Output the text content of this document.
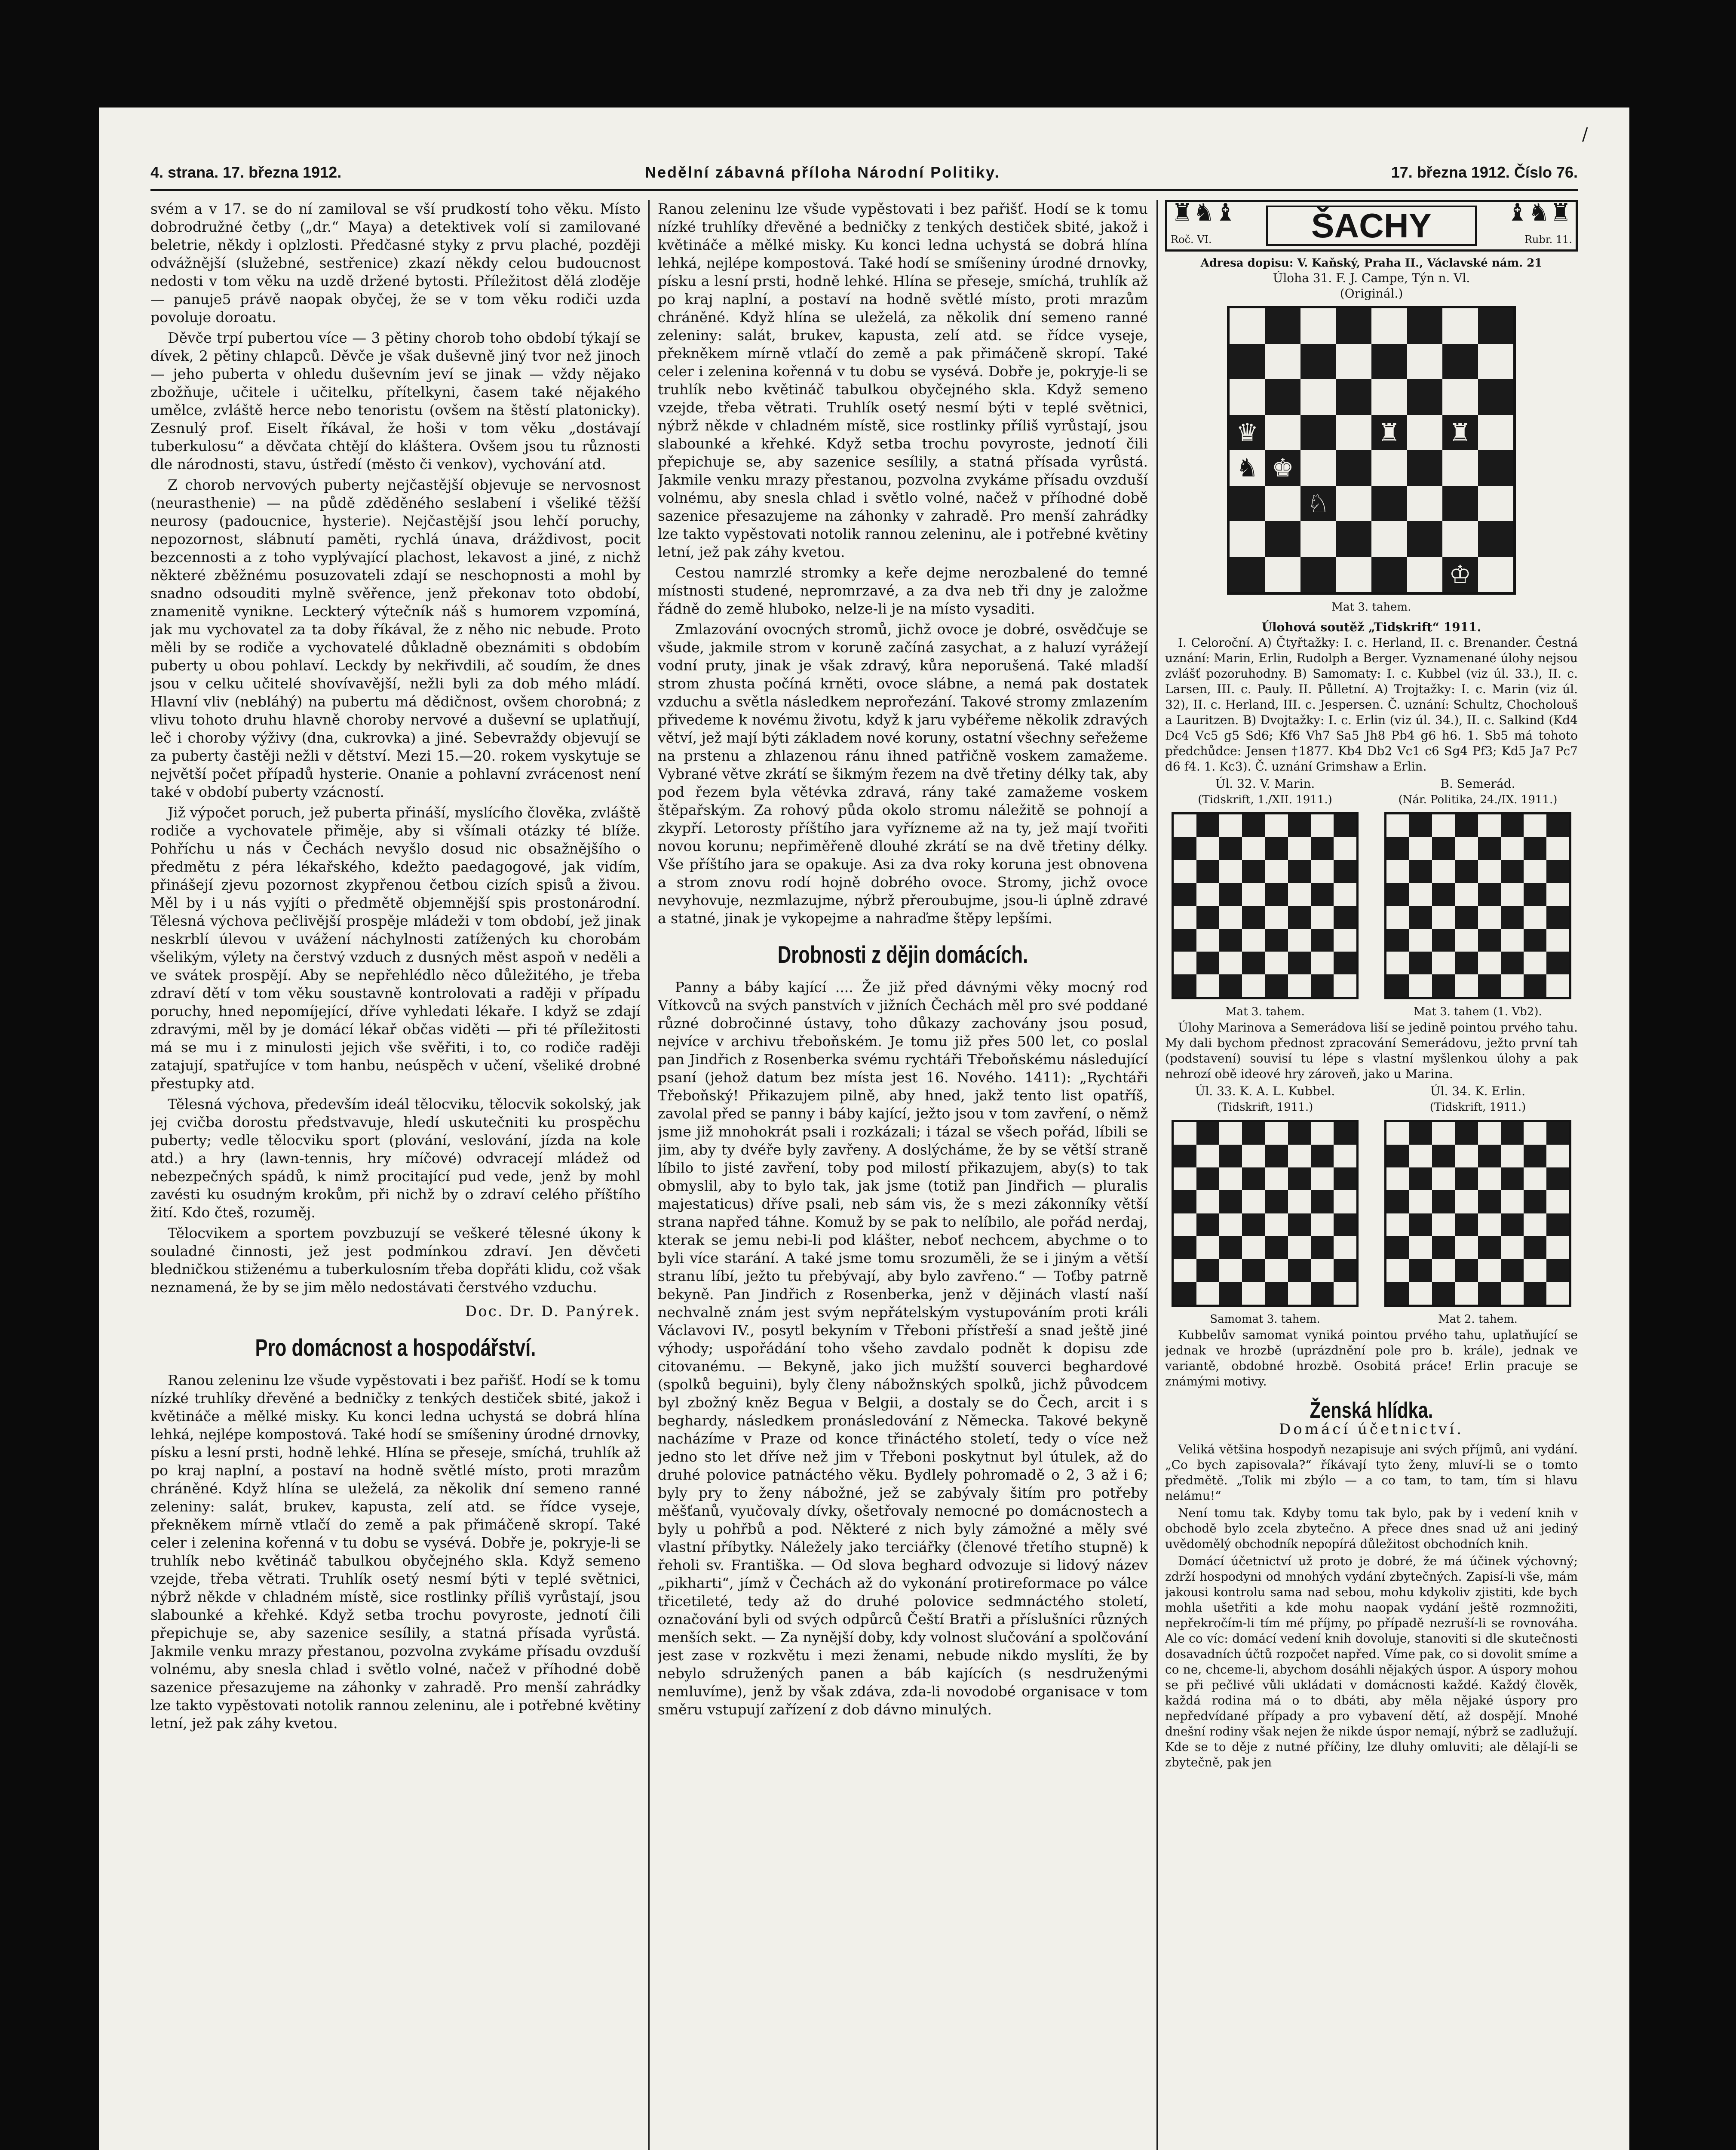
4. strana. 17. března 1912.	Nedělní zábavná příloha Národní Politiky.	17. března 1912. Číslo 76.

svém a v 17. se do ní zamiloval se vší prudkostí toho věku. Místo dobrodružné četby („dr.“ Maya) a detektivek volí si zamilované beletrie, někdy i oplzlosti. Předčasné styky z prvu plaché, později odvážnější (služebné, sestřenice) zkazí někdy celou budoucnost nedosti v tom věku na uzdě držené bytosti. Příležitost dělá zloděje — panuje5 právě naopak obyčej, že se v tom věku rodiči uzda povoluje doroatu.

Děvče trpí pubertou více — 3 pětiny chorob toho období týkají se dívek, 2 pětiny chlapců. Děvče je však duševně jiný tvor než jinoch — jeho puberta v ohledu duševním jeví se jinak — vždy nějako zbožňuje, učitele i učitelku, přítelkyni, časem také nějakého umělce, zvláště herce nebo tenoristu (ovšem na štěstí platonicky). Zesnulý prof. Eiselt říkával, že hoši v tom věku „dostávají tuberkulosu“ a děvčata chtějí do kláštera. Ovšem jsou tu různosti dle národnosti, stavu, ústředí (město či venkov), vychování atd.

Z chorob nervových puberty nejčastější objevuje se nervosnost (neurasthenie) — na půdě zděděného seslabení i všeliké těžší neurosy (padoucnice, hysterie). Nejčastější jsou lehčí poruchy, nepozornost, slábnutí paměti, rychlá únava, dráždivost, pocit bezcennosti a z toho vyplývající plachost, lekavost a jiné, z nichž některé zběžnému posuzovateli zdají se neschopnosti a mohl by snadno odsouditi mylně svěřence, jenž překonav toto období, znamenitě vynikne. Leckterý výtečník náš s humorem vzpomíná, jak mu vychovatel za ta doby říkával, že z něho nic nebude. Proto měli by se rodiče a vychovatelé důkladně obeznámiti s obdobím puberty u obou pohlaví. Leckdy by nekřivdili, ač soudím, že dnes jsou v celku učitelé shovívavější, nežli byli za dob mého mládí. Hlavní vliv (nebláhý) na pubertu má dědičnost, ovšem chorobná; z vlivu tohoto druhu hlavně choroby nervové a duševní se uplatňují, leč i choroby výživy (dna, cukrovka) a jiné. Sebevraždy objevují se za puberty častěji nežli v dětství. Mezi 15.—20. rokem vyskytuje se největší počet případů hysterie. Onanie a pohlavní zvrácenost není také v období puberty vzácností.

Již výpočet poruch, jež puberta přináší, myslícího člověka, zvláště rodiče a vychovatele přiměje, aby si všímali otázky té blíže. Pohříchu u nás v Čechách nevyšlo dosud nic obsažnějšího o předmětu z péra lékařského, kdežto paedagogové, jak vidím, přinášejí zjevu pozornost zkypřenou četbou cizích spisů a živou. Měl by i u nás vyjíti o předmětě objemnější spis prostonárodní. Tělesná výchova pečlivější prospěje mládeži v tom období, jež jinak neskrblí úlevou v uvážení náchylnosti zatížených ku chorobám všelikým, výlety na čerstvý vzduch z dusných měst aspoň v neděli a ve svátek prospějí. Aby se nepřehlédlo něco důležitého, je třeba zdraví dětí v tom věku soustavně kontrolovati a raději v případu poruchy, hned nepomíjející, dříve vyhledati lékaře. I když se zdají zdravými, měl by je domácí lékař občas viděti — při té příležitosti má se mu i z minulosti jejich vše svěřiti, i to, co rodiče raději zatajují, spatřujíce v tom hanbu, neúspěch v učení, všeliké drobné přestupky atd.

Tělesná výchova, především ideál tělocviku, tělocvik sokolský, jak jej cvičba dorostu předstvavuje, hledí uskutečniti ku prospěchu puberty; vedle tělocviku sport (plování, veslování, jízda na kole atd.) a hry (lawn-tennis, hry míčové) odvracejí mládež od nebezpečných spádů, k nimž procitající pud vede, jenž by mohl zavésti ku osudným krokům, při nichž by o zdraví celého příštího žití. Kdo čteš, rozuměj.

Tělocvikem a sportem povzbuzují se veškeré tělesné úkony k souladné činnosti, jež jest podmínkou zdraví. Jen děvčeti bledničkou stiženému a tuberkulosním třeba dopřáti klidu, což však neznamená, že by se jim mělo nedostávati čerstvého vzduchu.

Doc. Dr. D. Panýrek.
Pro domácnost a hospodářství.

Ranou zeleninu lze všude vypěstovati i bez pařišť. Hodí se k tomu nízké truhlíky dřevěné a bedničky z tenkých destiček sbité, jakož i květináče a mělké misky. Ku konci ledna uchystá se dobrá hlína lehká, nejlépe kompostová. Také hodí se smíšeniny úrodné drnovky, písku a lesní prsti, hodně lehké. Hlína se přeseje, smíchá, truhlík až po kraj naplní, a postaví na hodně světlé místo, proti mrazům chráněné. Když hlína se uleželá, za několik dní semeno ranné zeleniny: salát, brukev, kapusta, zelí atd. se řídce vyseje, překněkem mírně vtlačí do země a pak přimáčeně skropí. Také celer i zelenina kořenná v tu dobu se vysévá. Dobře je, pokryje-li se truhlík nebo květináč tabulkou obyčejného skla. Když semeno vzejde, třeba větrati. Truhlík osetý nesmí býti v teplé světnici, nýbrž někde v chladném místě, sice rostlinky příliš vyrůstají, jsou slabounké a křehké. Když setba trochu povyroste, jednotí čili přepichuje se, aby sazenice sesílily, a statná přísada vyrůstá. Jakmile venku mrazy přestanou, pozvolna zvykáme přísadu ovzduší volnému, aby snesla chlad i světlo volné, načež v příhodné době sazenice přesazujeme na záhonky v zahradě. Pro menší zahrádky lze takto vypěstovati notolik rannou zeleninu, ale i potřebné květiny letní, jež pak záhy kvetou.

Ranou zeleninu lze všude vypěstovati i bez pařišť. Hodí se k tomu nízké truhlíky dřevěné a bedničky z tenkých destiček sbité, jakož i květináče a mělké misky. Ku konci ledna uchystá se dobrá hlína lehká, nejlépe kompostová. Také hodí se smíšeniny úrodné drnovky, písku a lesní prsti, hodně lehké. Hlína se přeseje, smíchá, truhlík až po kraj naplní, a postaví na hodně světlé místo, proti mrazům chráněné. Když hlína se uleželá, za několik dní semeno ranné zeleniny: salát, brukev, kapusta, zelí atd. se řídce vyseje, překněkem mírně vtlačí do země a pak přimáčeně skropí. Také celer i zelenina kořenná v tu dobu se vysévá. Dobře je, pokryje-li se truhlík nebo květináč tabulkou obyčejného skla. Když semeno vzejde, třeba větrati. Truhlík osetý nesmí býti v teplé světnici, nýbrž někde v chladném místě, sice rostlinky příliš vyrůstají, jsou slabounké a křehké. Když setba trochu povyroste, jednotí čili přepichuje se, aby sazenice sesílily, a statná přísada vyrůstá. Jakmile venku mrazy přestanou, pozvolna zvykáme přísadu ovzduší volnému, aby snesla chlad i světlo volné, načež v příhodné době sazenice přesazujeme na záhonky v zahradě. Pro menší zahrádky lze takto vypěstovati notolik rannou zeleninu, ale i potřebné květiny letní, jež pak záhy kvetou.

Cestou namrzlé stromky a keře dejme nerozbalené do temné místnosti studené, nepromrzavé, a za dva neb tři dny je založme řádně do země hluboko, nelze-li je na místo vysaditi.

Zmlazování ovocných stromů, jichž ovoce je dobré, osvědčuje se všude, jakmile strom v koruně začíná zasychat, a z haluzí vyrážejí vodní pruty, jinak je však zdravý, kůra neporušená. Také mladší strom zhusta počíná krněti, ovoce slábne, a nemá pak dostatek vzduchu a světla následkem neprořezání. Takové stromy zmlazením přivedeme k novému životu, když k jaru vybéřeme několik zdravých větví, jež mají býti základem nové koruny, ostatní všechny seřežeme na prstenu a zhlazenou ránu ihned patřičně voskem zamažeme. Vybrané větve zkrátí se šikmým řezem na dvě třetiny délky tak, aby pod řezem byla větévka zdravá, rány také zamažeme voskem štěpařským. Za rohový půda okolo stromu náležitě se pohnojí a zkypří. Letorosty příštího jara vyřízneme až na ty, jež mají tvořiti novou korunu; nepřiměřeně dlouhé zkrátí se na dvě třetiny délky. Vše příštího jara se opakuje. Asi za dva roky koruna jest obnovena a strom znovu rodí hojně dobrého ovoce. Stromy, jichž ovoce nevyhovuje, nezmlazujme, nýbrž přeroubujme, jsou-li úplně zdravé a statné, jinak je vykopejme a nahraďme štěpy lepšími.

Drobnosti z dějin domácích.

Panny a báby kající .... Že již před dávnými věky mocný rod Vítkovců na svých panstvích v jižních Čechách měl pro své poddané různé dobročinné ústavy, toho důkazy zachovány jsou posud, nejvíce v archivu třeboňském. Je tomu již přes 500 let, co poslal pan Jindřich z Rosenberka svému rychtáři Třeboňskému následující psaní (jehož datum bez místa jest 16. Nového. 1411): „Rychtáři Třeboňský! Přikazujem pilně, aby hned, jakž tento list opatříš, zavolal před se panny i báby kající, ježto jsou v tom zavření, o němž jsme již mnohokrát psali i rozkázali; i tázal se všech pořád, líbili se jim, aby ty dvéře byly zavřeny. A doslýcháme, že by se větší straně líbilo to jisté zavření, toby pod milostí přikazujem, aby(s) to tak obmyslil, aby to bylo tak, jak jsme (totiž pan Jindřich — pluralis majestaticus) dříve psali, neb sám vis, že s mezi zákonníky větší strana napřed táhne. Komuž by se pak to nelíbilo, ale pořád nerdaj, kterak se jemu nebi-li pod klášter, neboť nechcem, abychme o to byli více starání. A také jsme tomu srozuměli, že se i jiným a větší stranu líbí, ježto tu přebývají, aby bylo zavřeno.“ — Toťby patrně bekyně. Pan Jindřich z Rosenberka, jenž v dějinách vlastí naší nechvalně znám jest svým nepřátelským vystupováním proti králi Václavovi IV., posytl bekyním v Třeboni přístřeší a snad ještě jiné výhody; uspořádání toho všeho zavdalo podnět k dopisu zde citovanému. — Bekyně, jako jich mužští souverci beghardové (spolků beguini), byly členy nábožnských spolků, jichž původcem byl zbožný kněz Begua v Belgii, a dostaly se do Čech, arcit i s beghardy, následkem pronásledování z Německa. Takové bekyně nacházíme v Praze od konce třináctého století, tedy o více než jedno sto let dříve než jim v Třeboni poskytnut byl útulek, až do druhé polovice patnáctého věku. Bydlely pohromadě o 2, 3 až i 6; byly pry to ženy nábožné, jež se zabývaly šitím pro potřeby měšťanů, vyučovaly dívky, ošetřovaly nemocné po domácnostech a byly u pohřbů a pod. Některé z nich byly zámožné a měly své vlastní příbytky. Náležely jako terciářky (členové třetího stupně) k řeholi sv. Františka. — Od slova beghard odvozuje si lidový název „pikharti“, jímž v Čechách až do vykonání protireformace po válce třicetileté, tedy až do druhé polovice sedmnáctého století, označování byli od svých odpůrců Čeští Bratři a příslušníci různých menších sekt. — Za nynější doby, kdy volnost slučování a spolčování jest zase v rozkvětu i mezi ženami, nebude nikdo myslíti, že by nebylo sdružených panen a báb kajících (s nesdruženými nemluvíme), jenž by však zdáva, zda-li novodobé organisace v tom směru vstupují zařízení z dob dávno minulých.

♜♞♝	♝♞♜
ŠACHY
Roč. VI.	Rubr. 11.
Adresa dopisu: V. Kaňský, Praha II., Václavské nám. 21
Úloha 31. F. J. Campe, Týn n. Vl.
(Originál.)
♛	♜ ♜
♞ ♚
♘
♔
Mat 3. tahem.
Úlohová soutěž „Tidskrift“ 1911.

I. Celoroční. A) Čtyřtažky: I. c. Herland, II. c. Brenander. Čestná uznání: Marin, Erlin, Rudolph a Berger. Vyznamenané úlohy nejsou zvlášť pozoruhodny. B) Samomaty: I. c. Kubbel (viz úl. 33.), II. c. Larsen, III. c. Pauly. II. Půlletní. A) Trojtažky: I. c. Marin (viz úl. 32), II. c. Herland, III. c. Jespersen. Č. uznání: Schultz, Chocholouš a Lauritzen. B) Dvojtažky: I. c. Erlin (viz úl. 34.), II. c. Salkind (Kd4 Dc4 Vc5 g5 Sd6; Kf6 Vh7 Sa5 Jh8 Pb4 g6 h6. 1. Sb5 má tohoto předchůdce: Jensen †1877. Kb4 Db2 Vc1 c6 Sg4 Pf3; Kd5 Ja7 Pc7 d6 f4. 1. Kc3). Č. uznání Grimshaw a Erlin.

Úl. 32. V. Marin.
(Tidskrift, 1./XII. 1911.)
Mat 3. tahem.
B. Semerád.
(Nár. Politika, 24./IX. 1911.)
Mat 3. tahem (1. Vb2).

Úlohy Marinova a Semerádova liší se jedině pointou prvého tahu. My dali bychom přednost zpracování Semerádovu, ježto první tah (podstavení) souvisí tu lépe s vlastní myšlenkou úlohy a pak nehrozí obě ideové hry zároveň, jako u Marina.

Úl. 33. K. A. L. Kubbel.
(Tidskrift, 1911.)
Samomat 3. tahem.
Úl. 34. K. Erlin.
(Tidskrift, 1911.)
Mat 2. tahem.

Kubbelův samomat vyniká pointou prvého tahu, uplatňující se jednak ve hrozbě (uprázdnění pole pro b. krále), jednak ve variantě, obdobné hrozbě. Osobitá práce! Erlin pracuje se známými motivy.

Ženská hlídka.
Domácí účetnictví.

Veliká většina hospodyň nezapisuje ani svých příjmů, ani vydání. „Co bych zapisovala?“ říkávají tyto ženy, mluví-li se o tomto předmětě. „Tolik mi zbýlo — a co tam, to tam, tím si hlavu nelámu!“

Není tomu tak. Kdyby tomu tak bylo, pak by i vedení knih v obchodě bylo zcela zbytečno. A přece dnes snad už ani jediný uvědomělý obchodník nepopírá důležitost obchodních knih.

Domácí účetnictví už proto je dobré, že má účinek výchovný; zdrží hospodyni od mnohých vydání zbytečných. Zapisí-li vše, mám jakousi kontrolu sama nad sebou, mohu kdykoliv zjistiti, kde bych mohla ušetřiti a kde mohu naopak vydání ještě rozmnožiti, nepřekročím-li tím mé příjmy, po případě nezruší-li se rovnováha. Ale co víc: domácí vedení knih dovoluje, stanoviti si dle skutečnosti dosavadních účtů rozpočet napřed. Víme pak, co si dovolit smíme a co ne, chceme-li, abychom dosáhli nějakých úspor. A úspory mohou se při pečlivé vůli ukládati v domácnosti každé. Každý člověk, každá rodina má o to dbáti, aby měla nějaké úspory pro nepředvídané případy a pro vybavení dětí, až dospějí. Mnohé dnešní rodiny však nejen že nikde úspor nemají, nýbrž se zadlužují. Kde se to děje z nutné příčiny, lze dluhy omluviti; ale dělají-li se zbytečně, pak jen

/
